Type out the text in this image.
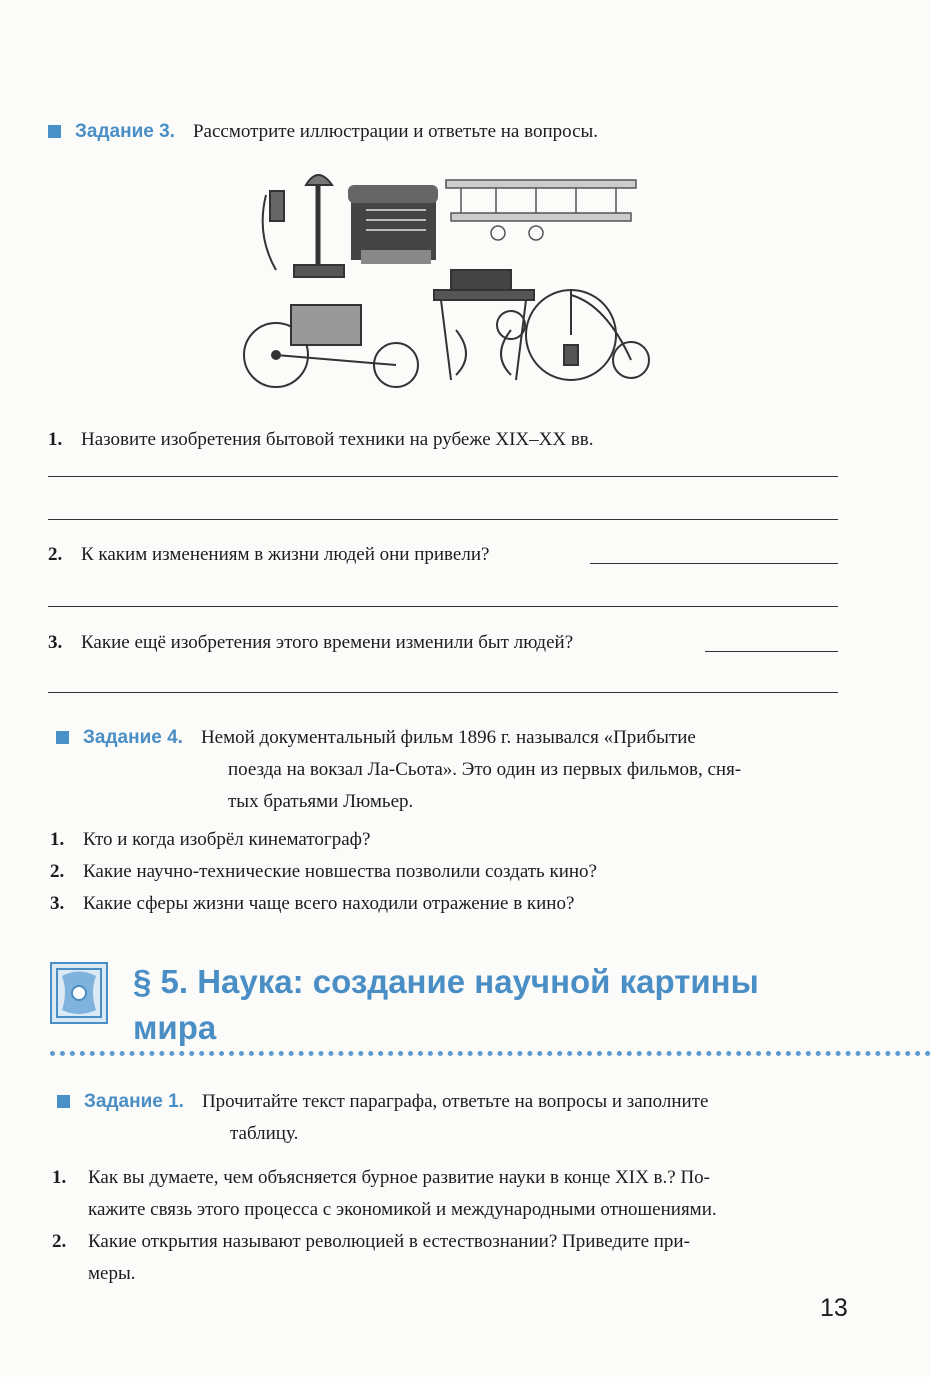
Задание 3. Рассмотрите иллюстрации и ответьте на вопросы.
1. Назовите изобретения бытовой техники на рубеже XIX–XX вв.
2. К каким изменениям в жизни людей они привели?
3. Какие ещё изобретения этого времени изменили быт людей?
Задание 4. Немой документальный фильм 1896 г. назывался «Прибытие
поезда на вокзал Ла-Сьота». Это один из первых фильмов, сня-
тых братьями Люмьер.
1. Кто и когда изобрёл кинематограф?
2. Какие научно-технические новшества позволили создать кино?
3. Какие сферы жизни чаще всего находили отражение в кино?
§ 5. Наука: создание научной картины
мира
Задание 1. Прочитайте текст параграфа, ответьте на вопросы и заполните
таблицу.
1.	Как вы думаете, чем объясняется бурное развитие науки в конце XIX в.? По-
кажите связь этого процесса с экономикой и международными отношениями.
2.	Какие открытия называют революцией в естествознании? Приведите при-
меры.
13
